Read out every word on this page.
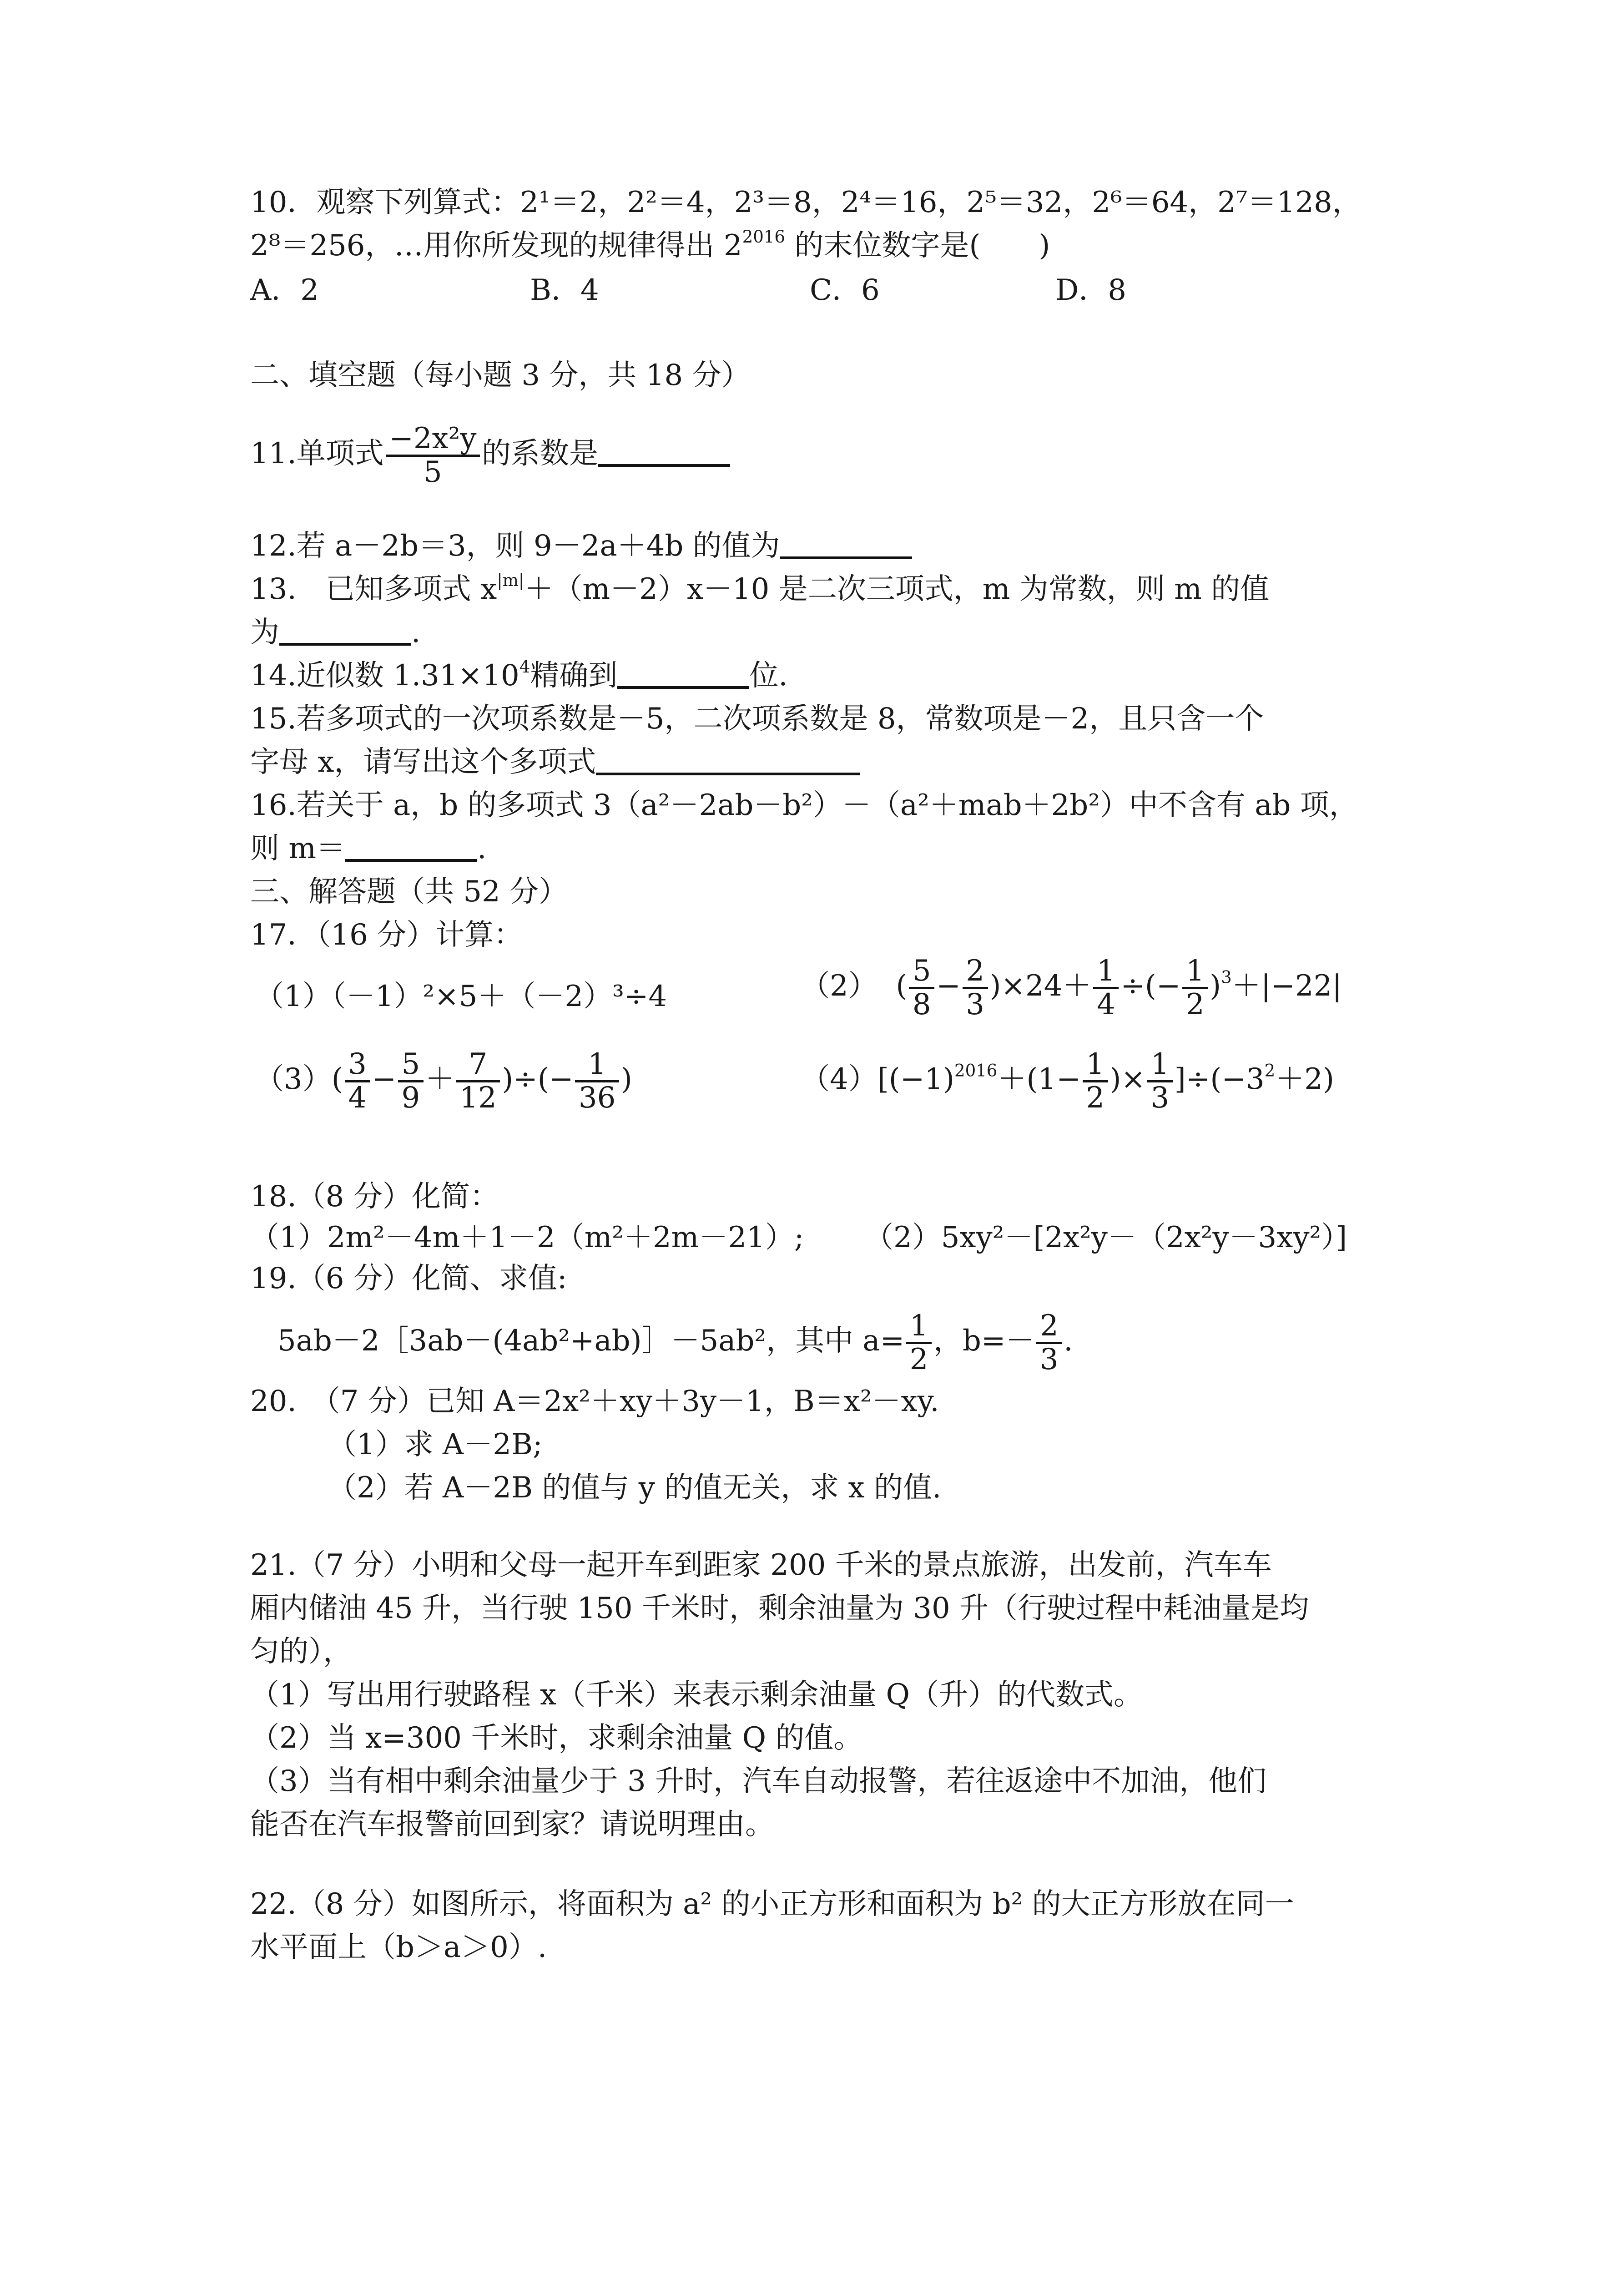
10．观察下列算式：2¹＝2，2²＝4，2³＝8，2⁴＝16，2⁵＝32，2⁶＝64，2⁷＝128，
2⁸＝256，…用你所发现的规律得出 $2^{2016}$ 的末位数字是(　　)
A．2	B．4	C．6	D．8
二、填空题（每小题 3 分，共 18 分）
11.单项式 $\frac{\text{−2x²y}}{5}$ 的系数是
12.若 a－2b＝3，则 9－2a＋4b 的值为
13.　已知多项式 $x^{|m|}+(m-2)x-10$ 是二次三项式，m 为常数，则 m 的值
为	.
14.近似数 $1.31\times 10^4$精确到	位.
15.若多项式的一次项系数是－5，二次项系数是 8，常数项是－2，且只含一个
字母 x，请写出这个多项式
16.若关于 a，b 的多项式 3（a²－2ab－b²）－（a²＋mab＋2b²）中不含有 ab 项，
则 m＝	.
三、解答题（共 52 分）
17．（16 分）计算：
（1）（－1）²×5＋（－2）³÷4	（2）  ( $\frac{5}{8} - \frac{2}{3} )\times 24+ \frac{1}{4}$ ÷(− $\frac{1}{2} )^3+|-22|$
$(3)( \frac{3}{4} - \frac{5}{9} + \frac{7}{12}$ )÷(− $\frac{1}{36}$ )	$(4)[(-1)^{2016}+(1- \frac{1}{2}$ )× $\frac{1}{3} ]\div(-3^2+2)$
18.（8 分）化简：
（1）2m²－4m＋1－2（m²＋2m－21）; （2）5xy²－[2x²y－（2x²y－3xy²）]
19.（6 分）化简、求值:
5ab－2［3ab－(4ab²+ab)］－5ab²，其中 $a= \frac{1}{2}$ ，$b=- \frac{2}{3}$ .
20.　（7 分）已知 A＝2x²＋xy＋3y－1，B＝x²－xy.
（1）求 A－2B;
（2）若 A－2B 的值与 y 的值无关，求 x 的值.
21.（7 分）小明和父母一起开车到距家 200 千米的景点旅游，出发前，汽车车
厢内储油 45 升，当行驶 150 千米时，剩余油量为 30 升（行驶过程中耗油量是均
匀的），
（1）写出用行驶路程 x（千米）来表示剩余油量 Q（升）的代数式。
（2）当 x=300 千米时，求剩余油量 Q 的值。
（3）当有相中剩余油量少于 3 升时，汽车自动报警，若往返途中不加油，他们
能否在汽车报警前回到家？请说明理由。
22.（8 分）如图所示，将面积为 a² 的小正方形和面积为 b² 的大正方形放在同一
水平面上（b＞a＞0）.
